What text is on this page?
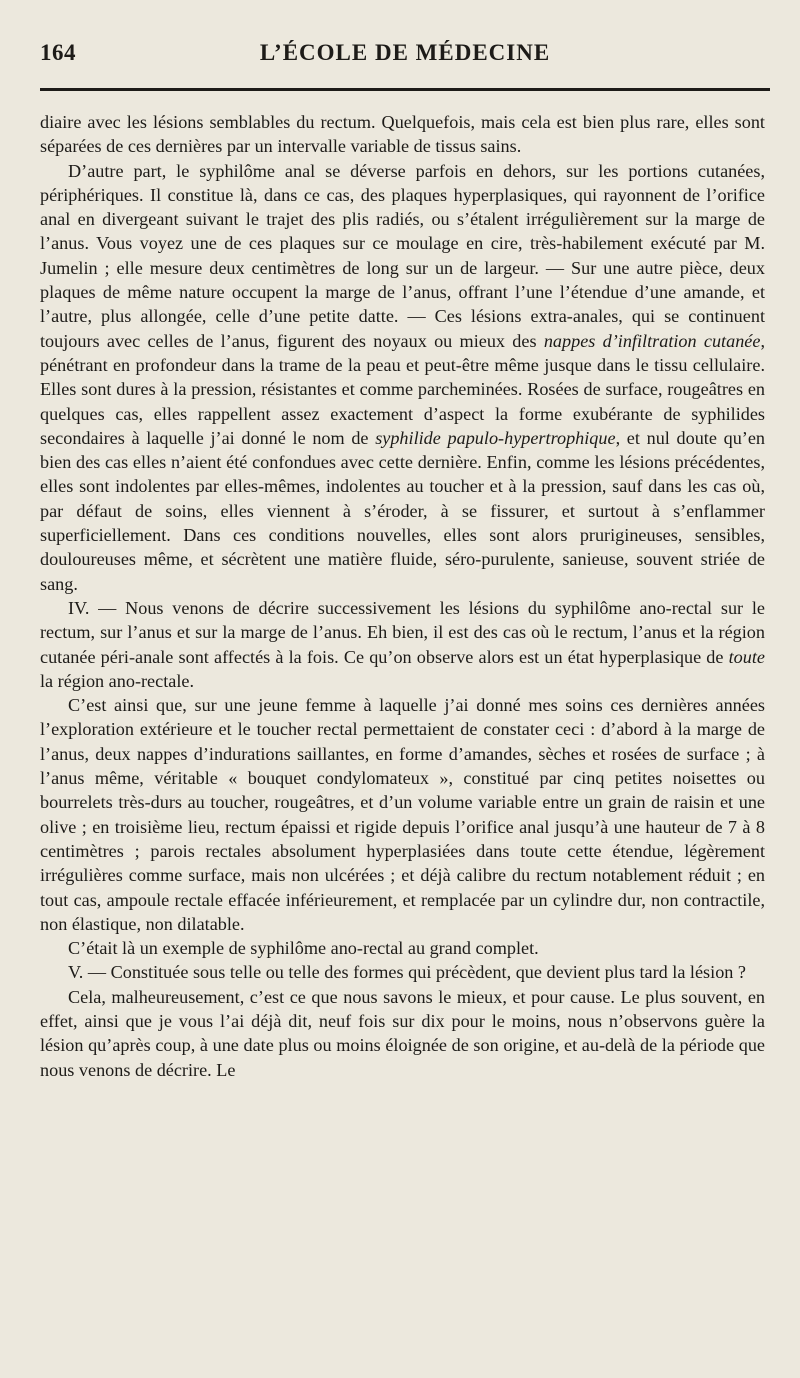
164	L’ÉCOLE DE MÉDECINE

diaire avec les lésions semblables du rectum. Quelquefois, mais cela est bien plus rare, elles sont séparées de ces dernières par un intervalle variable de tissus sains.

D’autre part, le syphilôme anal se déverse parfois en dehors, sur les portions cutanées, périphériques. Il constitue là, dans ce cas, des plaques hyperplasiques, qui rayonnent de l’orifice anal en divergeant suivant le trajet des plis radiés, ou s’étalent irrégulièrement sur la marge de l’anus. Vous voyez une de ces plaques sur ce moulage en cire, très-habilement exécuté par M. Jumelin ; elle mesure deux centimètres de long sur un de largeur. — Sur une autre pièce, deux plaques de même nature occupent la marge de l’anus, offrant l’une l’étendue d’une amande, et l’autre, plus allongée, celle d’une petite datte. — Ces lésions extra-anales, qui se continuent toujours avec celles de l’anus, figurent des noyaux ou mieux des nappes d’infiltration cutanée, pénétrant en profondeur dans la trame de la peau et peut-être même jusque dans le tissu cellulaire. Elles sont dures à la pression, résistantes et comme parcheminées. Rosées de surface, rougeâtres en quelques cas, elles rappellent assez exactement d’aspect la forme exubérante de syphilides secondaires à laquelle j’ai donné le nom de syphilide papulo-hypertrophique, et nul doute qu’en bien des cas elles n’aient été confondues avec cette dernière. Enfin, comme les lésions précédentes, elles sont indolentes par elles-mêmes, indolentes au toucher et à la pression, sauf dans les cas où, par défaut de soins, elles viennent à s’éroder, à se fissurer, et surtout à s’enflammer superficiellement. Dans ces conditions nouvelles, elles sont alors prurigineuses, sensibles, douloureuses même, et sécrètent une matière fluide, séro-purulente, sanieuse, souvent striée de sang.

IV. — Nous venons de décrire successivement les lésions du syphilôme ano-rectal sur le rectum, sur l’anus et sur la marge de l’anus. Eh bien, il est des cas où le rectum, l’anus et la région cutanée péri-anale sont affectés à la fois. Ce qu’on observe alors est un état hyperplasique de toute la région ano-rectale.

C’est ainsi que, sur une jeune femme à laquelle j’ai donné mes soins ces dernières années l’exploration extérieure et le toucher rectal permettaient de constater ceci : d’abord à la marge de l’anus, deux nappes d’indurations saillantes, en forme d’amandes, sèches et rosées de surface ; à l’anus même, véritable « bouquet condylomateux », constitué par cinq petites noisettes ou bourrelets très-durs au toucher, rougeâtres, et d’un volume variable entre un grain de raisin et une olive ; en troisième lieu, rectum épaissi et rigide depuis l’orifice anal jusqu’à une hauteur de 7 à 8 centimètres ; parois rectales absolument hyperplasiées dans toute cette étendue, légèrement irrégulières comme surface, mais non ulcérées ; et déjà calibre du rectum notablement réduit ; en tout cas, ampoule rectale effacée inférieurement, et remplacée par un cylindre dur, non contractile, non élastique, non dilatable.

C’était là un exemple de syphilôme ano-rectal au grand complet.

V. — Constituée sous telle ou telle des formes qui précèdent, que devient plus tard la lésion ?

Cela, malheureusement, c’est ce que nous savons le mieux, et pour cause. Le plus souvent, en effet, ainsi que je vous l’ai déjà dit, neuf fois sur dix pour le moins, nous n’observons guère la lésion qu’après coup, à une date plus ou moins éloignée de son origine, et au-delà de la période que nous venons de décrire. Le
